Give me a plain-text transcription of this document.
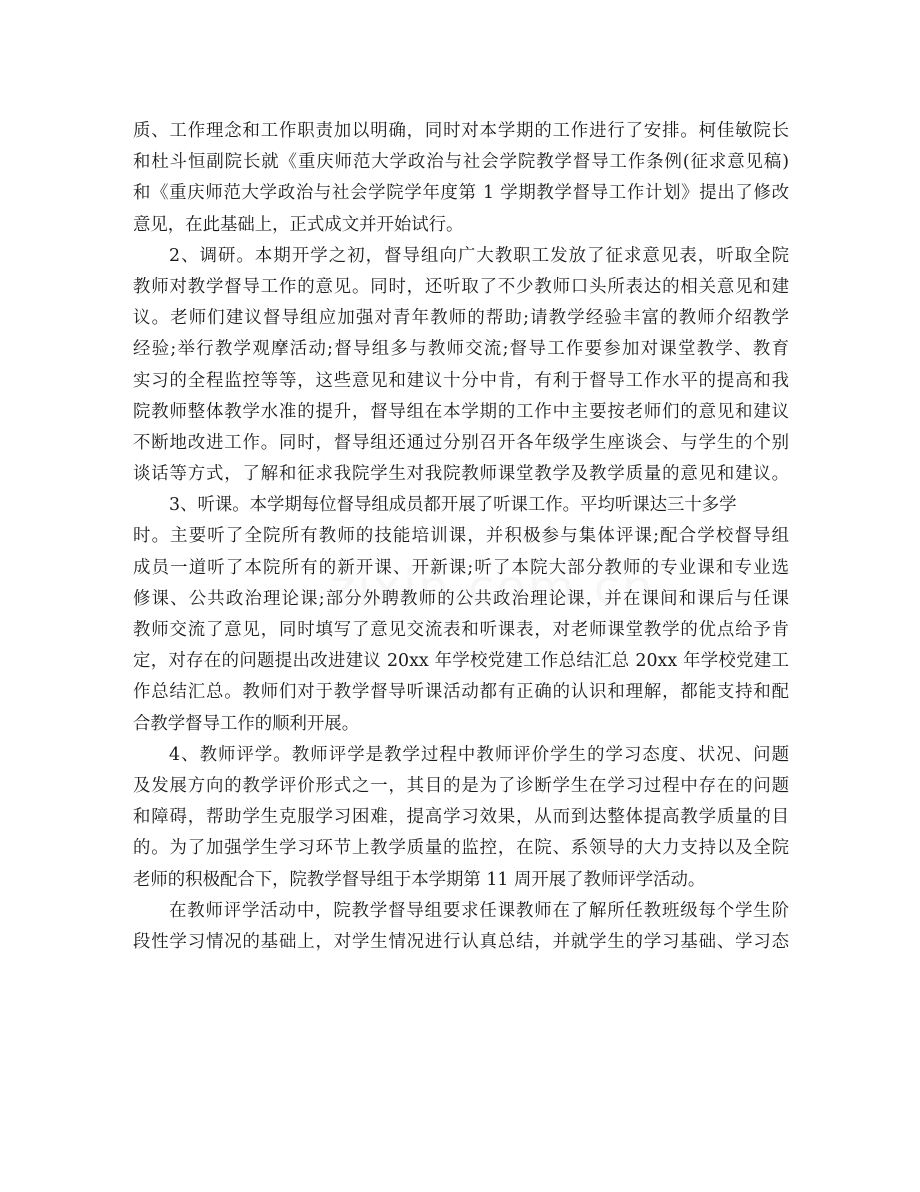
质、工作理念和工作职责加以明确，同时对本学期的工作进行了安排。柯佳敏院长
和杜斗恒副院长就《重庆师范大学政治与社会学院教学督导工作条例(征求意见稿)
和《重庆师范大学政治与社会学院学年度第 1 学期教学督导工作计划》提出了修改
意见，在此基础上，正式成文并开始试行。
2、调研。本期开学之初，督导组向广大教职工发放了征求意见表，听取全院
教师对教学督导工作的意见。同时，还听取了不少教师口头所表达的相关意见和建
议。老师们建议督导组应加强对青年教师的帮助;请教学经验丰富的教师介绍教学
经验;举行教学观摩活动;督导组多与教师交流;督导工作要参加对课堂教学、教育
实习的全程监控等等，这些意见和建议十分中肯，有利于督导工作水平的提高和我
院教师整体教学水准的提升，督导组在本学期的工作中主要按老师们的意见和建议
不断地改进工作。同时，督导组还通过分别召开各年级学生座谈会、与学生的个别
谈话等方式，了解和征求我院学生对我院教师课堂教学及教学质量的意见和建议。
3、听课。本学期每位督导组成员都开展了听课工作。平均听课达三十多学
时。主要听了全院所有教师的技能培训课，并积极参与集体评课;配合学校督导组
成员一道听了本院所有的新开课、开新课;听了本院大部分教师的专业课和专业选
修课、公共政治理论课;部分外聘教师的公共政治理论课，并在课间和课后与任课
教师交流了意见，同时填写了意见交流表和听课表，对老师课堂教学的优点给予肯
定，对存在的问题提出改进建议 20xx 年学校党建工作总结汇总 20xx 年学校党建工
作总结汇总。教师们对于教学督导听课活动都有正确的认识和理解，都能支持和配
合教学督导工作的顺利开展。
4、教师评学。教师评学是教学过程中教师评价学生的学习态度、状况、问题
及发展方向的教学评价形式之一，其目的是为了诊断学生在学习过程中存在的问题
和障碍，帮助学生克服学习困难，提高学习效果，从而到达整体提高教学质量的目
的。为了加强学生学习环节上教学质量的监控，在院、系领导的大力支持以及全院
老师的积极配合下，院教学督导组于本学期第 11 周开展了教师评学活动。
在教师评学活动中，院教学督导组要求任课教师在了解所任教班级每个学生阶
段性学习情况的基础上，对学生情况进行认真总结，并就学生的学习基础、学习态
